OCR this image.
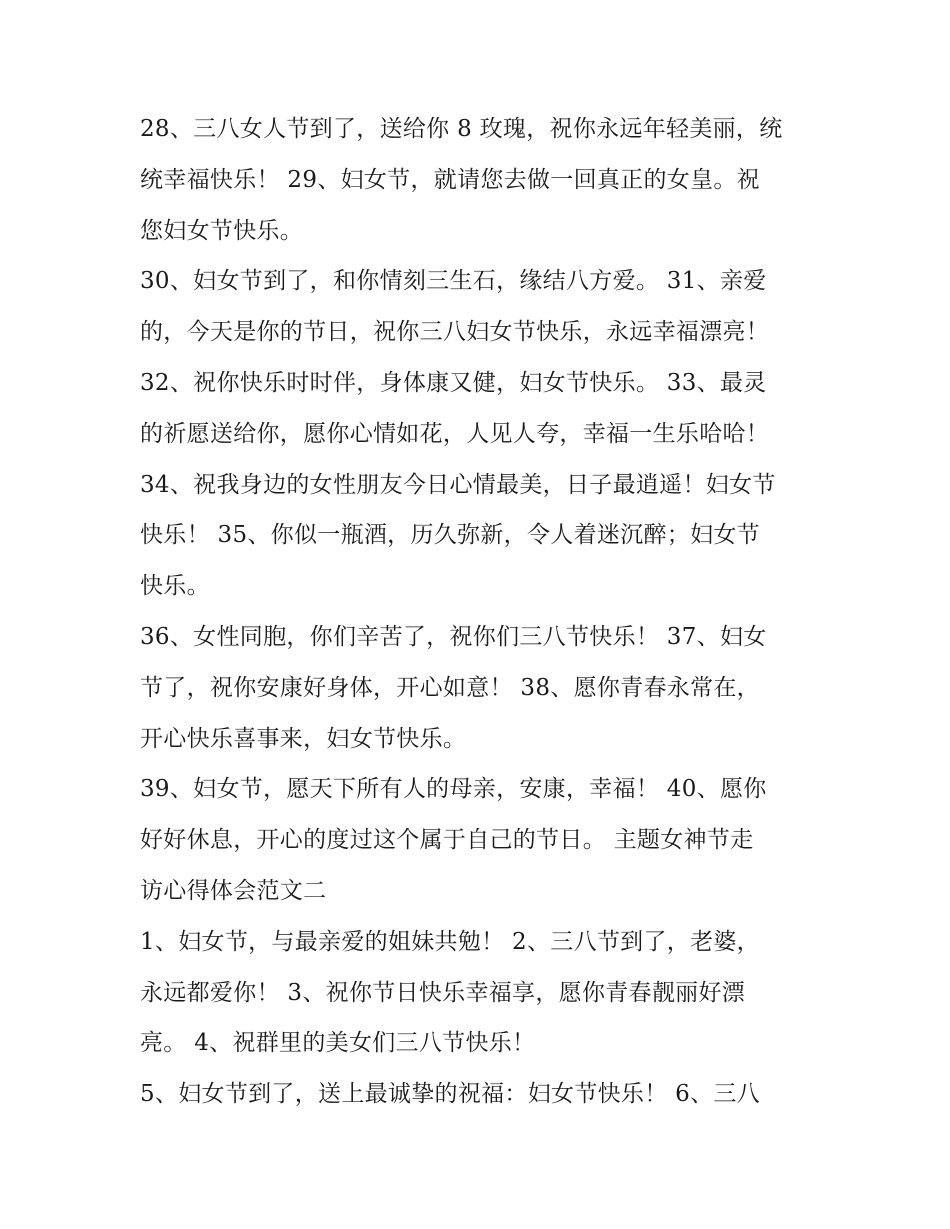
28、三八女人节到了，送给你 8 玫瑰，祝你永远年轻美丽，统
统幸福快乐！ 29、妇女节，就请您去做一回真正的女皇。祝
您妇女节快乐。
30、妇女节到了，和你情刻三生石，缘结八方爱。 31、亲爱
的，今天是你的节日，祝你三八妇女节快乐，永远幸福漂亮！
32、祝你快乐时时伴，身体康又健，妇女节快乐。 33、最灵
的祈愿送给你，愿你心情如花，人见人夸，幸福一生乐哈哈！
34、祝我身边的女性朋友今日心情最美，日子最逍遥！妇女节
快乐！ 35、你似一瓶酒，历久弥新，令人着迷沉醉；妇女节
快乐。
36、女性同胞，你们辛苦了，祝你们三八节快乐！ 37、妇女
节了，祝你安康好身体，开心如意！ 38、愿你青春永常在，
开心快乐喜事来，妇女节快乐。
39、妇女节，愿天下所有人的母亲，安康，幸福！ 40、愿你
好好休息，开心的度过这个属于自己的节日。 主题女神节走
访心得体会范文二
1、妇女节，与最亲爱的姐妹共勉！ 2、三八节到了，老婆，
永远都爱你！ 3、祝你节日快乐幸福享，愿你青春靓丽好漂
亮。 4、祝群里的美女们三八节快乐！
5、妇女节到了，送上最诚挚的祝福：妇女节快乐！ 6、三八
